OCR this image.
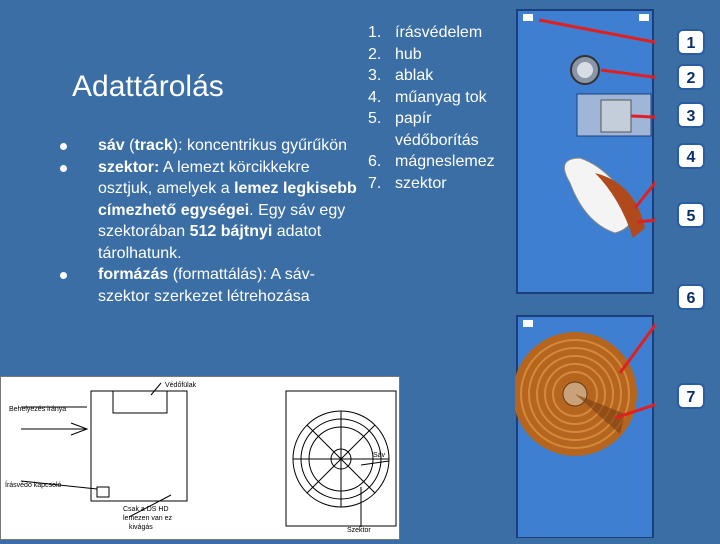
Adattárolás
sáv (track): koncentrikus gyűrűkön
szektor: A lemezt körcikkekre osztjuk, amelyek a lemez legkisebb címezhető egységei. Egy sáv egy szektorában 512 bájtnyi adatot tárolhatunk.
formázás (formattálás): A sáv-szektor szerkezet létrehozása
1. írásvédelem
2. hub
3. ablak
4. műanyag tok
5. papír
védőborítás
6. mágneslemez
7. szektor
1
2
3
4
5
6
7
Védőfülak
Behelyezés iránya
Írásvédő kapcsoló
Csak a DS HD
lemezen van ez
kivágás
Sáv
Szektor
